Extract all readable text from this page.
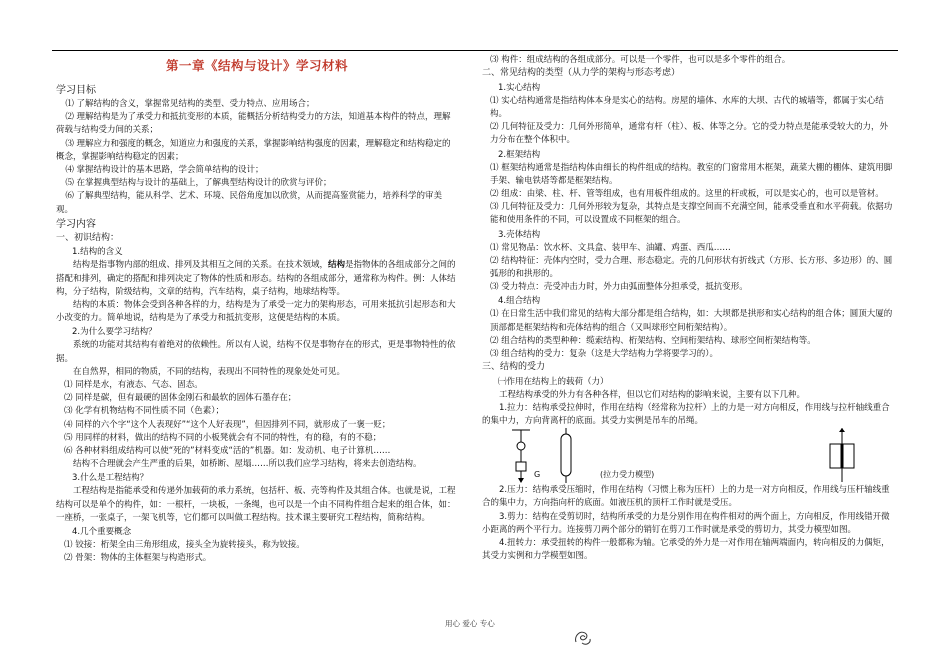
第一章《结构与设计》学习材料
学习目标
⑴ 了解结构的含义，掌握常见结构的类型、受力特点、应用场合；
⑵ 理解结构是为了承受力和抵抗变形的本质，能概括分析结构受力的方法，知道基本构件的特点，理解荷载与结构受力间的关系；
⑶ 理解应力和强度的概念，知道应力和强度的关系，掌握影响结构强度的因素，理解稳定和结构稳定的概念，掌握影响结构稳定的因素；
⑷ 掌握结构设计的基本思路，学会简单结构的设计；
⑸ 在掌握典型结构与设计的基础上，了解典型结构设计的欣赏与评价；
⑹ 了解典型结构，能从科学、艺术、环境、民俗角度加以欣赏，从而提高鉴赏能力，培养科学的审美观。
学习内容
一、初识结构：
1.结构的含义
结构是指事物内部的组成、排列及其相互之间的关系。在技术领域，结构是指物体的各组成部分之间的搭配和排列，确定的搭配和排列决定了物体的性质和形态。结构的各组成部分，通常称为构件。例：人体结构，分子结构，阶级结构，文章的结构，汽车结构，桌子结构，地球结构等。
结构的本质：物体会受到各种各样的力，结构是为了承受一定力的架构形态，可用来抵抗引起形态和大小改变的力。简单地说，结构是为了承受力和抵抗变形，这便是结构的本质。
2.为什么要学习结构？
系统的功能对其结构有着绝对的依赖性。所以有人说，结构不仅是事物存在的形式，更是事物特性的依据。
在自然界，相同的物质，不同的结构，表现出不同特性的现象处处可见。
⑴ 同样是水，有液态、气态、固态。
⑵ 同样是碳，但有最硬的固体金刚石和最软的固体石墨存在；
⑶ 化学有机物结构不同性质不同（色素）；
⑷ 同样的六个字“这个人表现好”“这个人好表现”，但因排列不同，就形成了一褒一贬；
⑸ 用同样的材料，做出的结构不同的小板凳就会有不同的特性，有的稳，有的不稳；
⑹ 各种材料组成结构可以使“死的”材料变成“活的”机器。如：发动机、电子计算机……
结构不合理就会产生严重的后果，如桥断、屋塌……所以我们应学习结构，将来去创造结构。
3.什么是工程结构？
工程结构是指能承受和传递外加载荷的承力系统，包括杆、板、壳等构件及其组合体。也就是说，工程结构可以是单个的构件，如：一根杆，一块板，一条绳，也可以是一个由不同构件组合起来的组合体，如：一座桥，一张桌子，一架飞机等，它们都可以叫做工程结构。技术课主要研究工程结构，简称结构。
4.几个重要概念
⑴ 铰接：桁架全由三角形组成，接头全为旋转接头，称为铰接。
⑵ 骨架：物体的主体框架与构造形式。
⑶ 构件：组成结构的各组成部分。可以是一个零件，也可以是多个零件的组合。
二、常见结构的类型（从力学的架构与形态考虑）
1.实心结构
⑴ 实心结构通常是指结构体本身是实心的结构。房屋的墙体、水库的大坝、古代的城墙等，都属于实心结构。
⑵ 几何特征及受力：几何外形简单，通常有杆（柱）、板、体等之分。它的受力特点是能承受较大的力，外力分布在整个体积中。
2.框架结构
⑴ 框架结构通常是指结构体由细长的构件组成的结构。教室的门窗常用木框架，蔬菜大棚的棚体、建筑用脚手架、输电铁塔等都是框架结构。
⑵ 组成：由梁、柱、杆、管等组成，也有用板件组成的。这里的杆或板，可以是实心的，也可以是管材。
⑶ 几何特征及受力：几何外形较为复杂，其特点是支撑空间而不充满空间，能承受垂直和水平荷载。依据功能和使用条件的不同，可以设置成不同框架的组合。
3.壳体结构
⑴ 常见物品：饮水杯、文具盒、装甲车、油罐、鸡蛋、西瓜……
⑵ 结构特征：壳体内空时，受力合理、形态稳定。壳的几何形状有折线式（方形、长方形、多边形）的、圆弧形的和拱形的。
⑶ 受力特点：壳受冲击力时，外力由弧面整体分担承受，抵抗变形。
4.组合结构
⑴ 在日常生活中我们常见的结构大部分都是组合结构，如：大坝都是拱形和实心结构的组合体；圆顶大厦的顶部都是框架结构和壳体结构的组合（又叫球形空间桁架结构）。
⑵ 组合结构的类型种种：缆索结构、桁架结构、空间桁架结构、球形空间桁架结构等。
⑶ 组合结构的受力：复杂（这是大学结构力学将要学习的）。
三、结构的受力
㈠作用在结构上的载荷（力）
工程结构承受的外力有各种各样，但以它们对结构的影响来说，主要有以下几种。
1.拉力：结构承受拉伸时，作用在结构（经常称为拉杆）上的力是一对方向相反，作用线与拉杆轴线重合的集中力，方向背离杆的底面。其受力实例是吊车的吊绳。
G	(拉力受力模型)
2.压力：结构承受压缩时，作用在结构（习惯上称为压杆）上的力是一对方向相反，作用线与压杆轴线重合的集中力，方向指向杆的底面。如液压机的顶杆工作时就是受压。
3.剪力：结构在受剪切时，结构所承受的力是分别作用在构件相对的两个面上，方向相反，作用线错开微小距离的两个平行力。连接剪刀两个部分的销钉在剪刀工作时就是承受的剪切力，其受力模型如图。
4.扭转力：承受扭转的构件一般都称为轴。它承受的外力是一对作用在轴两端面内，转向相反的力偶矩，其受力实例和力学模型如图。
用心 爱心 专心
